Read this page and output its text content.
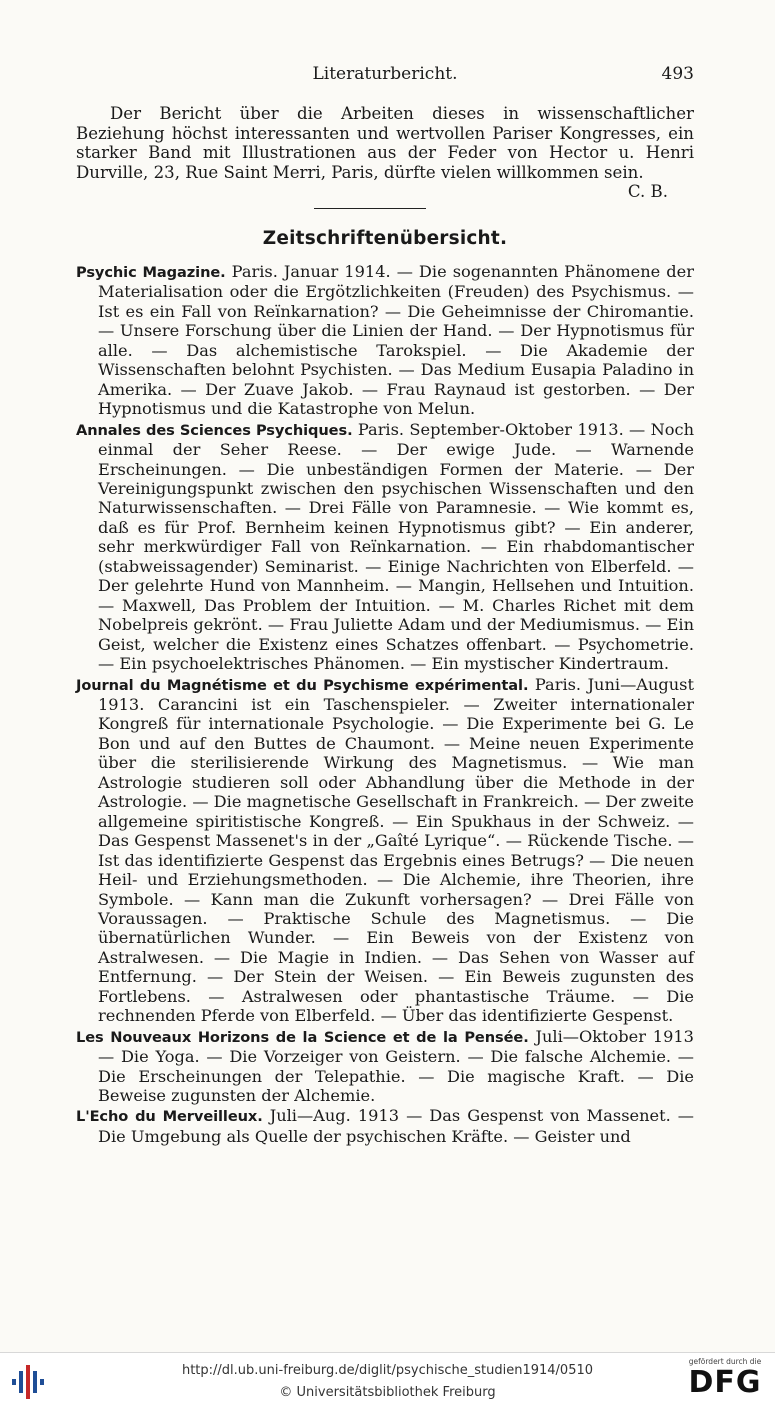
Literaturbericht.	493

Der Bericht über die Arbeiten dieses in wissenschaftlicher Beziehung höchst interessanten und wertvollen Pariser Kongresses, ein starker Band mit Illustrationen aus der Feder von Hector u. Henri Durville, 23, Rue Saint Merri, Paris, dürfte vielen willkommen sein.

C. B.

Zeitschriftenübersicht.

Psychic Magazine. Paris. Januar 1914. — Die sogenannten Phänomene der Materialisation oder die Ergötzlichkeiten (Freuden) des Psychismus. — Ist es ein Fall von Reïnkarnation? — Die Geheimnisse der Chiromantie. — Unsere Forschung über die Linien der Hand. — Der Hypnotismus für alle. — Das alchemistische Tarokspiel. — Die Akademie der Wissenschaften belohnt Psychisten. — Das Medium Eusapia Paladino in Amerika. — Der Zuave Jakob. — Frau Raynaud ist gestorben. — Der Hypnotismus und die Katastrophe von Melun.

Annales des Sciences Psychiques. Paris. September-Oktober 1913. — Noch einmal der Seher Reese. — Der ewige Jude. — Warnende Erscheinungen. — Die unbeständigen Formen der Materie. — Der Vereinigungspunkt zwischen den psychischen Wissenschaften und den Naturwissenschaften. — Drei Fälle von Paramnesie. — Wie kommt es, daß es für Prof. Bernheim keinen Hypnotismus gibt? — Ein anderer, sehr merkwürdiger Fall von Reïnkarnation. — Ein rhabdomantischer (stabweissagender) Seminarist. — Einige Nachrichten von Elberfeld. — Der gelehrte Hund von Mannheim. — Mangin, Hellsehen und Intuition. — Maxwell, Das Problem der Intuition. — M. Charles Richet mit dem Nobelpreis gekrönt. — Frau Juliette Adam und der Mediumismus. — Ein Geist, welcher die Existenz eines Schatzes offenbart. — Psychometrie. — Ein psychoelektrisches Phänomen. — Ein mystischer Kindertraum.

Journal du Magnétisme et du Psychisme expérimental. Paris. Juni—August 1913. Carancini ist ein Taschenspieler. — Zweiter internationaler Kongreß für internationale Psychologie. — Die Experimente bei G. Le Bon und auf den Buttes de Chaumont. — Meine neuen Experimente über die sterilisierende Wirkung des Magnetismus. — Wie man Astrologie studieren soll oder Abhandlung über die Methode in der Astrologie. — Die magnetische Gesellschaft in Frankreich. — Der zweite allgemeine spiritistische Kongreß. — Ein Spukhaus in der Schweiz. — Das Gespenst Massenet's in der „Gaîté Lyrique“. — Rückende Tische. — Ist das identifizierte Gespenst das Ergebnis eines Betrugs? — Die neuen Heil- und Erziehungsmethoden. — Die Alchemie, ihre Theorien, ihre Symbole. — Kann man die Zukunft vorhersagen? — Drei Fälle von Voraussagen. — Praktische Schule des Magnetismus. — Die übernatürlichen Wunder. — Ein Beweis von der Existenz von Astralwesen. — Die Magie in Indien. — Das Sehen von Wasser auf Entfernung. — Der Stein der Weisen. — Ein Beweis zugunsten des Fortlebens. — Astralwesen oder phantastische Träume. — Die rechnenden Pferde von Elberfeld. — Über das identifizierte Gespenst.

Les Nouveaux Horizons de la Science et de la Pensée. Juli—Oktober 1913 — Die Yoga. — Die Vorzeiger von Geistern. — Die falsche Alchemie. — Die Erscheinungen der Telepathie. — Die magische Kraft. — Die Beweise zugunsten der Alchemie.

L'Echo du Merveilleux. Juli—Aug. 1913 — Das Gespenst von Massenet. — Die Umgebung als Quelle der psychischen Kräfte. — Geister und

http://dl.ub.uni-freiburg.de/diglit/psychische_studien1914/0510
© Universitätsbibliothek Freiburg
gefördert durch die
DFG
